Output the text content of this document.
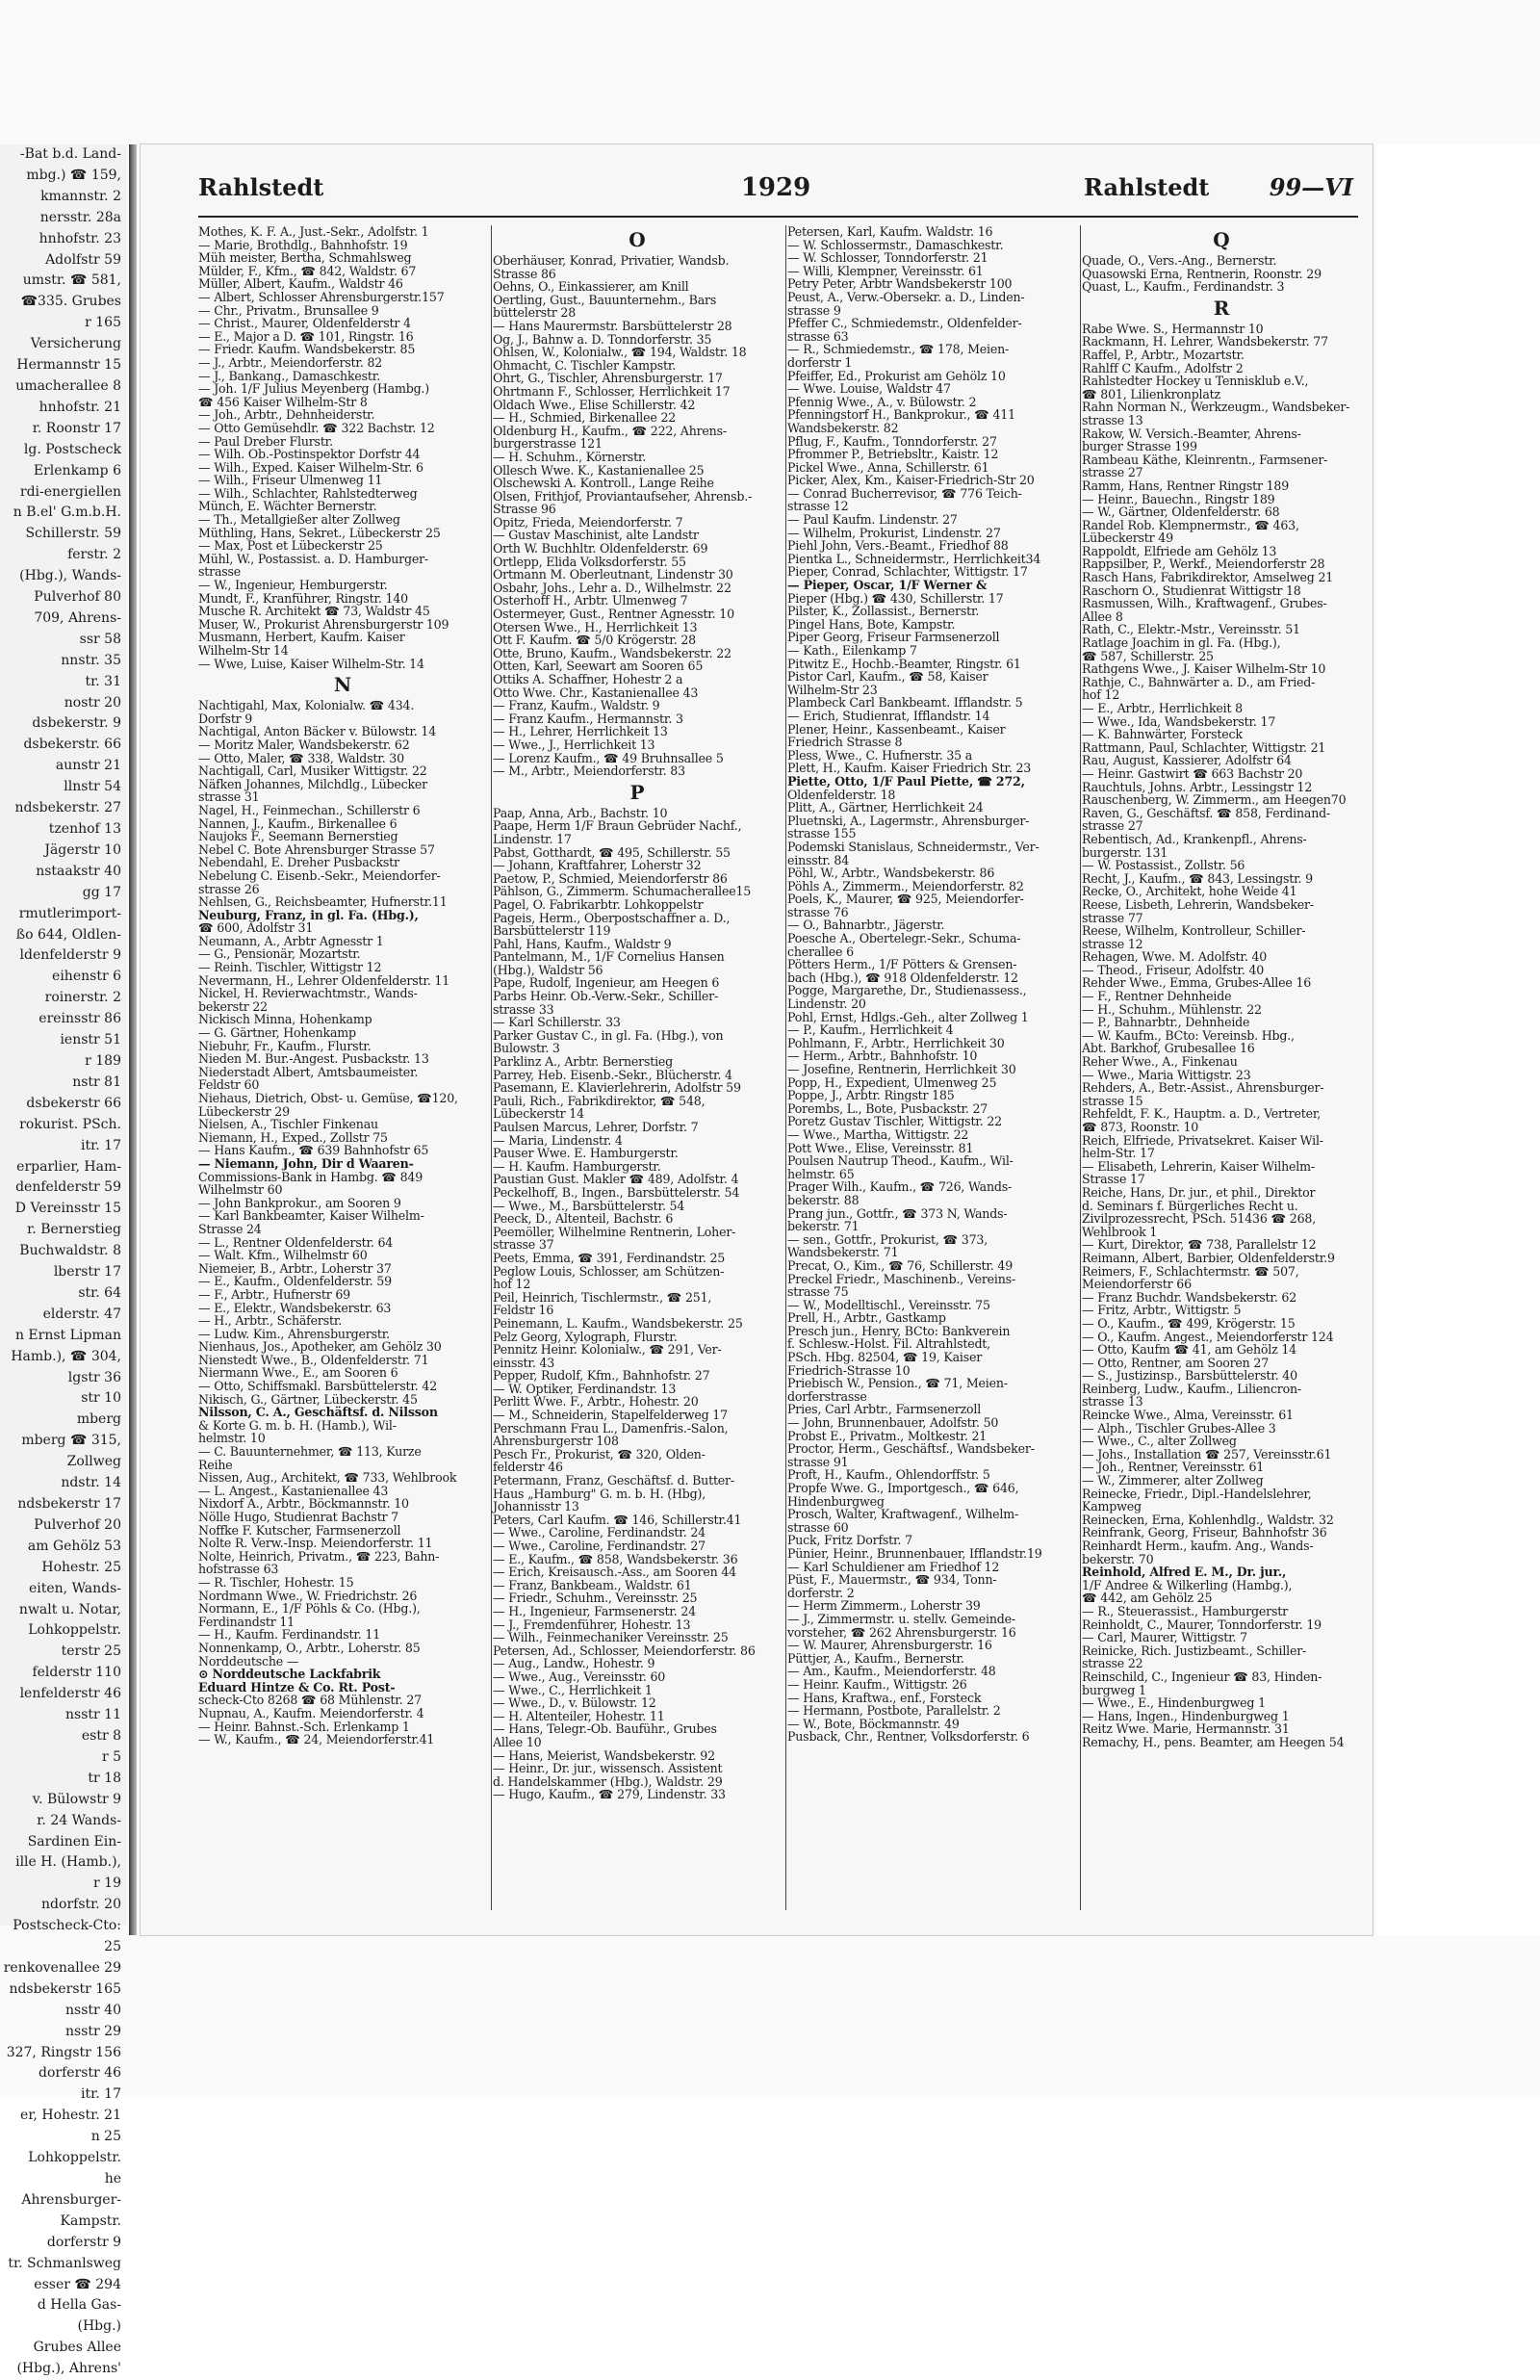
-Bat b.d. Land-
mbg.) ☎ 159,
kmannstr. 2
nersstr. 28a
hnhofstr. 23
Adolfstr 59
umstr. ☎ 581,
☎335. Grubes
r 165
Versicherung
Hermannstr 15
umacherallee 8
hnhofstr. 21
r. Roonstr 17
lg. Postscheck
Erlenkamp 6
rdi-energiellen
n B.el' G.m.b.H.
Schillerstr. 59
ferstr. 2
(Hbg.), Wands-
Pulverhof 80
709, Ahrens-
ssr 58
nnstr. 35
tr. 31
nostr 20
dsbekerstr. 9
dsbekerstr. 66
aunstr 21
llnstr 54
ndsbekerstr. 27
tzenhof 13
Jägerstr 10
nstaakstr 40
gg 17
rmutlerimport-
ßo 644, Oldlen-
ldenfelderstr 9
eihenstr 6
roinerstr. 2
ereinsstr 86
ienstr 51
r 189
nstr 81
dsbekerstr 66
rokurist. PSch.
itr. 17
erparlier, Ham-
denfelderstr 59
D Vereinsstr 15
r. Bernerstieg
Buchwaldstr. 8
lberstr 17
str. 64
elderstr. 47
n Ernst Lipman
Hamb.), ☎ 304,
lgstr 36
str 10
mberg
mberg ☎ 315,
Zollweg
ndstr. 14
ndsbekerstr 17
Pulverhof 20
am Gehölz 53
Hohestr. 25
eiten, Wands-
nwalt u. Notar,
Lohkoppelstr.
terstr 25
felderstr 110
lenfelderstr 46
nsstr 11
estr 8
r 5
tr 18
v. Bülowstr 9
r. 24 Wands-
Sardinen Ein-
ille H. (Hamb.),
r 19
ndorfstr. 20
Postscheck-Cto:
25
renkovenallee 29
ndsbekerstr 165
nsstr 40
nsstr 29
327, Ringstr 156
dorferstr 46
itr. 17
er, Hohestr. 21
n 25
Lohkoppelstr.
he
Ahrensburger-
Kampstr.
dorferstr 9
tr. Schmanlsweg
esser ☎ 294
d Hella Gas-
(Hbg.)
Grubes Allee
(Hbg.), Ahrens'
Rahlstedt	1929	Rahlstedt	99—VI
Mothes, K. F. A., Just.-Sekr., Adolfstr. 1
— Marie, Brothdlg., Bahnhofstr. 19
Müh meister, Bertha, Schmahlsweg
Mülder, F., Kfm., ☎ 842, Waldstr. 67
Müller, Albert, Kaufm., Waldstr 46
— Albert, Schlosser Ahrensburgerstr.157
— Chr., Privatm., Brunsallee 9
— Christ., Maurer, Oldenfelderstr 4
— E., Major a D. ☎ 101, Ringstr. 16
— Friedr. Kaufm. Wandsbekerstr. 85
— J., Arbtr., Meiendorferstr. 82
— J., Bankang., Damaschkestr.
— Joh. 1/F Julius Meyenberg (Hambg.)
☎ 456 Kaiser Wilhelm-Str 8
— Joh., Arbtr., Dehnheiderstr.
— Otto Gemüsehdlr. ☎ 322 Bachstr. 12
— Paul Dreber Flurstr.
— Wilh. Ob.-Postinspektor Dorfstr 44
— Wilh., Exped. Kaiser Wilhelm-Str. 6
— Wilh., Friseur Ulmenweg 11
— Wilh., Schlachter, Rahlstedterweg
Münch, E. Wächter Bernerstr.
— Th., Metallgießer alter Zollweg
Müthling, Hans, Sekret., Lübeckerstr 25
— Max, Post et Lübeckerstr 25
Mühl, W., Postassist. a. D. Hamburger-
strasse
— W., Ingenieur, Hemburgerstr.
Mundt, F., Kranführer, Ringstr. 140
Musche R. Architekt ☎ 73, Waldstr 45
Muser, W., Prokurist Ahrensburgerstr 109
Musmann, Herbert, Kaufm. Kaiser
Wilhelm-Str 14
— Wwe, Luise, Kaiser Wilhelm-Str. 14
N
Nachtigahl, Max, Kolonialw. ☎ 434.
Dorfstr 9
Nachtigal, Anton Bäcker v. Bülowstr. 14
— Moritz Maler, Wandsbekerstr. 62
— Otto, Maler, ☎ 338, Waldstr. 30
Nachtigall, Carl, Musiker Wittigstr. 22
Näfken Johannes, Milchdlg., Lübecker
strasse 31
Nagel, H., Feinmechan., Schillerstr 6
Nannen, J., Kaufm., Birkenallee 6
Naujoks F., Seemann Bernerstieg
Nebel C. Bote Ahrensburger Strasse 57
Nebendahl, E. Dreher Pusbackstr
Nebelung C. Eisenb.-Sekr., Meiendorfer-
strasse 26
Nehlsen, G., Reichsbeamter, Hufnerstr.11
Neuburg, Franz, in gl. Fa. (Hbg.),
☎ 600, Adolfstr 31
Neumann, A., Arbtr Agnesstr 1
— G., Pensionär, Mozartstr.
— Reinh. Tischler, Wittigstr 12
Nevermann, H., Lehrer Oldenfelderstr. 11
Nickel, H. Revierwachtmstr., Wands-
bekerstr 22
Nickisch Minna, Hohenkamp
— G. Gärtner, Hohenkamp
Niebuhr, Fr., Kaufm., Flurstr.
Nieden M. Bur.-Angest. Pusbackstr. 13
Niederstadt Albert, Amtsbaumeister.
Feldstr 60
Niehaus, Dietrich, Obst- u. Gemüse, ☎120,
Lübeckerstr 29
Nielsen, A., Tischler Finkenau
Niemann, H., Exped., Zollstr 75
— Hans Kaufm., ☎ 639 Bahnhofstr 65
— Niemann, John, Dir d Waaren-
Commissions-Bank in Hambg. ☎ 849
Wilhelmstr 60
— John Bankprokur., am Sooren 9
— Karl Bankbeamter, Kaiser Wilhelm-
Strasse 24
— L., Rentner Oldenfelderstr. 64
— Walt. Kfm., Wilhelmstr 60
Niemeier, B., Arbtr., Loherstr 37
— E., Kaufm., Oldenfelderstr. 59
— F., Arbtr., Hufnerstr 69
— E., Elektr., Wandsbekerstr. 63
— H., Arbtr., Schäferstr.
— Ludw. Kim., Ahrensburgerstr.
Nienhaus, Jos., Apotheker, am Gehölz 30
Nienstedt Wwe., B., Oldenfelderstr. 71
Niermann Wwe., E., am Sooren 6
— Otto, Schiffsmakl. Barsbüttelerstr. 42
Nikisch, G., Gärtner, Lübeckerstr. 45
Nilsson, C. A., Geschäftsf. d. Nilsson
& Korte G. m. b. H. (Hamb.), Wil-
helmstr. 10
— C. Bauunternehmer, ☎ 113, Kurze
Reihe
Nissen, Aug., Architekt, ☎ 733, Wehlbrook
— L. Angest., Kastanienallee 43
Nixdorf A., Arbtr., Böckmannstr. 10
Nölle Hugo, Studienrat Bachstr 7
Noffke F. Kutscher, Farmsenerzoll
Nolte R. Verw.-Insp. Meiendorferstr. 11
Nolte, Heinrich, Privatm., ☎ 223, Bahn-
hofstrasse 63
— R. Tischler, Hohestr. 15
Nordmann Wwe., W. Friedrichstr. 26
Normann, E., 1/F Pöhls & Co. (Hbg.),
Ferdinandstr 11
— H., Kaufm. Ferdinandstr. 11
Nonnenkamp, O., Arbtr., Loherstr. 85
Norddeutsche —
⊙ Norddeutsche Lackfabrik
Eduard Hintze & Co. Rt. Post-
scheck-Cto 8268 ☎ 68 Mühlenstr. 27
Nupnau, A., Kaufm. Meiendorferstr. 4
— Heinr. Bahnst.-Sch. Erlenkamp 1
— W., Kaufm., ☎ 24, Meiendorferstr.41
O
Oberhäuser, Konrad, Privatier, Wandsb.
Strasse 86
Oehns, O., Einkassierer, am Knill
Oertling, Gust., Bauunternehm., Bars
büttelerstr 28
— Hans Maurermstr. Barsbüttelerstr 28
Og, J., Bahnw a. D. Tonndorferstr. 35
Ohlsen, W., Kolonialw., ☎ 194, Waldstr. 18
Ohmacht, C. Tischler Kampstr.
Ohrt, G., Tischler, Ahrensburgerstr. 17
Ohrtmann F., Schlosser, Herrlichkeit 17
Oldach Wwe., Elise Schillerstr. 42
— H., Schmied, Birkenallee 22
Oldenburg H., Kaufm., ☎ 222, Ahrens-
burgerstrasse 121
— H. Schuhm., Körnerstr.
Ollesch Wwe. K., Kastanienallee 25
Olschewski A. Kontroll., Lange Reihe
Olsen, Frithjof, Proviantaufseher, Ahrensb.-
Strasse 96
Opitz, Frieda, Meiendorferstr. 7
— Gustav Maschinist, alte Landstr
Orth W. Buchhltr. Oldenfelderstr. 69
Ortlepp, Elida Volksdorferstr. 55
Ortmann M. Oberleutnant, Lindenstr 30
Osbahr, Johs., Lehr a. D., Wilhelmstr. 22
Osterhoff H., Arbtr. Ulmenweg 7
Ostermeyer, Gust., Rentner Agnesstr. 10
Otersen Wwe., H., Herrlichkeit 13
Ott F. Kaufm. ☎ 5/0 Krögerstr. 28
Otte, Bruno, Kaufm., Wandsbekerstr. 22
Otten, Karl, Seewart am Sooren 65
Ottiks A. Schaffner, Hohestr 2 a
Otto Wwe. Chr., Kastanienallee 43
— Franz, Kaufm., Waldstr. 9
— Franz Kaufm., Hermannstr. 3
— H., Lehrer, Herrlichkeit 13
— Wwe., J., Herrlichkeit 13
— Lorenz Kaufm., ☎ 49 Bruhnsallee 5
— M., Arbtr., Meiendorferstr. 83
P
Paap, Anna, Arb., Bachstr. 10
Paape, Herm 1/F Braun Gebrüder Nachf.,
Lindenstr. 17
Pabst, Gotthardt, ☎ 495, Schillerstr. 55
— Johann, Kraftfahrer, Loherstr 32
Paetow, P., Schmied, Meiendorferstr 86
Pählson, G., Zimmerm. Schumacherallee15
Pagel, O. Fabrikarbtr. Lohkoppelstr
Pageis, Herm., Oberpostschaffner a. D.,
Barsbüttelerstr 119
Pahl, Hans, Kaufm., Waldstr 9
Pantelmann, M., 1/F Cornelius Hansen
(Hbg.), Waldstr 56
Pape, Rudolf, Ingenieur, am Heegen 6
Parbs Heinr. Ob.-Verw.-Sekr., Schiller-
strasse 33
— Karl Schillerstr. 33
Parker Gustav C., in gl. Fa. (Hbg.), von
Bulowstr. 3
Parklinz A., Arbtr. Bernerstieg
Parrey, Heb. Eisenb.-Sekr., Blücherstr. 4
Pasemann, E. Klavierlehrerin, Adolfstr 59
Pauli, Rich., Fabrikdirektor, ☎ 548,
Lübeckerstr 14
Paulsen Marcus, Lehrer, Dorfstr. 7
— Maria, Lindenstr. 4
Pauser Wwe. E. Hamburgerstr.
— H. Kaufm. Hamburgerstr.
Paustian Gust. Makler ☎ 489, Adolfstr. 4
Peckelhoff, B., Ingen., Barsbüttelerstr. 54
— Wwe., M., Barsbüttelerstr. 54
Peeck, D., Altenteil, Bachstr. 6
Peemöller, Wilhelmine Rentnerin, Loher-
strasse 37
Peets, Emma, ☎ 391, Ferdinandstr. 25
Peglow Louis, Schlosser, am Schützen-
hof 12
Peil, Heinrich, Tischlermstr., ☎ 251,
Feldstr 16
Peinemann, L. Kaufm., Wandsbekerstr. 25
Pelz Georg, Xylograph, Flurstr.
Pennitz Heinr. Kolonialw., ☎ 291, Ver-
einsstr. 43
Pepper, Rudolf, Kfm., Bahnhofstr. 27
— W. Optiker, Ferdinandstr. 13
Perlitt Wwe. F., Arbtr., Hohestr. 20
— M., Schneiderin, Stapelfelderweg 17
Perschmann Frau L., Damenfris.-Salon,
Ahrensburgerstr 108
Pesch Fr., Prokurist, ☎ 320, Olden-
felderstr 46
Petermann, Franz, Geschäftsf. d. Butter-
Haus „Hamburg" G. m. b. H. (Hbg),
Johannisstr 13
Peters, Carl Kaufm. ☎ 146, Schillerstr.41
— Wwe., Caroline, Ferdinandstr. 24
— Wwe., Caroline, Ferdinandstr. 27
— E., Kaufm., ☎ 858, Wandsbekerstr. 36
— Erich, Kreisausch.-Ass., am Sooren 44
— Franz, Bankbeam., Waldstr. 61
— Friedr., Schuhm., Vereinsstr. 25
— H., Ingenieur, Farmsenerstr. 24
— J., Fremdenführer, Hohestr. 13
— Wilh., Feinmechaniker Vereinsstr. 25
Petersen, Ad., Schlosser, Meiendorferstr. 86
— Aug., Landw., Hohestr. 9
— Wwe., Aug., Vereinsstr. 60
— Wwe., C., Herrlichkeit 1
— Wwe., D., v. Bülowstr. 12
— H. Altenteiler, Hohestr. 11
— Hans, Telegr.-Ob. Bauführ., Grubes
Allee 10
— Hans, Meierist, Wandsbekerstr. 92
— Heinr., Dr. jur., wissensch. Assistent
d. Handelskammer (Hbg.), Waldstr. 29
— Hugo, Kaufm., ☎ 279, Lindenstr. 33
Petersen, Karl, Kaufm. Waldstr. 16
— W. Schlossermstr., Damaschkestr.
— W. Schlosser, Tonndorferstr. 21
— Willi, Klempner, Vereinsstr. 61
Petry Peter, Arbtr Wandsbekerstr 100
Peust, A., Verw.-Obersekr. a. D., Linden-
strasse 9
Pfeffer C., Schmiedemstr., Oldenfelder-
strasse 63
— R., Schmiedemstr., ☎ 178, Meien-
dorferstr 1
Pfeiffer, Ed., Prokurist am Gehölz 10
— Wwe. Louise, Waldstr 47
Pfennig Wwe., A., v. Bülowstr. 2
Pfenningstorf H., Bankprokur., ☎ 411
Wandsbekerstr. 82
Pflug, F., Kaufm., Tonndorferstr. 27
Pfrommer P., Betriebsltr., Kaistr. 12
Pickel Wwe., Anna, Schillerstr. 61
Picker, Alex, Km., Kaiser-Friedrich-Str 20
— Conrad Bucherrevisor, ☎ 776 Teich-
strasse 12
— Paul Kaufm. Lindenstr. 27
— Wilhelm, Prokurist, Lindenstr. 27
Piehl John, Vers.-Beamt., Friedhof 88
Pientka L., Schneidermstr., Herrlichkeit34
Pieper, Conrad, Schlachter, Wittigstr. 17
— Pieper, Oscar, 1/F Werner &
Pieper (Hbg.) ☎ 430, Schillerstr. 17
Pilster, K., Zollassist., Bernerstr.
Pingel Hans, Bote, Kampstr.
Piper Georg, Friseur Farmsenerzoll
— Kath., Eilenkamp 7
Pitwitz E., Hochb.-Beamter, Ringstr. 61
Pistor Carl, Kaufm., ☎ 58, Kaiser
Wilhelm-Str 23
Plambeck Carl Bankbeamt. Ifflandstr. 5
— Erich, Studienrat, Ifflandstr. 14
Plener, Heinr., Kassenbeamt., Kaiser
Friedrich Strasse 8
Pless, Wwe., C. Hufnerstr. 35 a
Plett, H., Kaufm. Kaiser Friedrich Str. 23
Piette, Otto, 1/F Paul Piette, ☎ 272,
Oldenfelderstr. 18
Plitt, A., Gärtner, Herrlichkeit 24
Pluetnski, A., Lagermstr., Ahrensburger-
strasse 155
Podemski Stanislaus, Schneidermstr., Ver-
einsstr. 84
Pöhl, W., Arbtr., Wandsbekerstr. 86
Pöhls A., Zimmerm., Meiendorferstr. 82
Poels, K., Maurer, ☎ 925, Meiendorfer-
strasse 76
— O., Bahnarbtr., Jägerstr.
Poesche A., Obertelegr.-Sekr., Schuma-
cherallee 6
Pötters Herm., 1/F Pötters & Grensen-
bach (Hbg.), ☎ 918 Oldenfelderstr. 12
Pogge, Margarethe, Dr., Studienassess.,
Lindenstr. 20
Pohl, Ernst, Hdlgs.-Geh., alter Zollweg 1
— P., Kaufm., Herrlichkeit 4
Pohlmann, F., Arbtr., Herrlichkeit 30
— Herm., Arbtr., Bahnhofstr. 10
— Josefine, Rentnerin, Herrlichkeit 30
Popp, H., Expedient, Ulmenweg 25
Poppe, J., Arbtr. Ringstr 185
Porembs, L., Bote, Pusbackstr. 27
Poretz Gustav Tischler, Wittigstr. 22
— Wwe., Martha, Wittigstr. 22
Pott Wwe., Elise, Vereinsstr. 81
Poulsen Nautrup Theod., Kaufm., Wil-
helmstr. 65
Prager Wilh., Kaufm., ☎ 726, Wands-
bekerstr. 88
Prang jun., Gottfr., ☎ 373 N, Wands-
bekerstr. 71
— sen., Gottfr., Prokurist, ☎ 373,
Wandsbekerstr. 71
Precat, O., Kim., ☎ 76, Schillerstr. 49
Preckel Friedr., Maschinenb., Vereins-
strasse 75
— W., Modelltischl., Vereinsstr. 75
Prell, H., Arbtr., Gastkamp
Presch jun., Henry, BCto: Bankverein
f. Schlesw.-Holst. Fil. Altrahlstedt,
PSch. Hbg. 82504, ☎ 19, Kaiser
Friedrich-Strasse 10
Priebisch W., Pension., ☎ 71, Meien-
dorferstrasse
Pries, Carl Arbtr., Farmsenerzoll
— John, Brunnenbauer, Adolfstr. 50
Probst E., Privatm., Moltkestr. 21
Proctor, Herm., Geschäftsf., Wandsbeker-
strasse 91
Proft, H., Kaufm., Ohlendorffstr. 5
Propfe Wwe. G., Importgesch., ☎ 646,
Hindenburgweg
Prosch, Walter, Kraftwagenf., Wilhelm-
strasse 60
Puck, Fritz Dorfstr. 7
Pünier, Heinr., Brunnenbauer, Ifflandstr.19
— Karl Schuldiener am Friedhof 12
Püst, F., Mauermstr., ☎ 934, Tonn-
dorferstr. 2
— Herm Zimmerm., Loherstr 39
— J., Zimmermstr. u. stellv. Gemeinde-
vorsteher, ☎ 262 Ahrensburgerstr. 16
— W. Maurer, Ahrensburgerstr. 16
Püttjer, A., Kaufm., Bernerstr.
— Am., Kaufm., Meiendorferstr. 48
— Heinr. Kaufm., Wittigstr. 26
— Hans, Kraftwa., enf., Forsteck
— Hermann, Postbote, Parallelstr. 2
— W., Bote, Böckmannstr. 49
Pusback, Chr., Rentner, Volksdorferstr. 6
Q
Quade, O., Vers.-Ang., Bernerstr.
Quasowski Erna, Rentnerin, Roonstr. 29
Quast, L., Kaufm., Ferdinandstr. 3
R
Rabe Wwe. S., Hermannstr 10
Rackmann, H. Lehrer, Wandsbekerstr. 77
Raffel, P., Arbtr., Mozartstr.
Rahlff C Kaufm., Adolfstr 2
Rahlstedter Hockey u Tennisklub e.V.,
☎ 801, Lilienkronplatz
Rahn Norman N., Werkzeugm., Wandsbeker-
strasse 13
Rakow, W. Versich.-Beamter, Ahrens-
burger Strasse 199
Rambeau Käthe, Kleinrentn., Farmsener-
strasse 27
Ramm, Hans, Rentner Ringstr 189
— Heinr., Bauechn., Ringstr 189
— W., Gärtner, Oldenfelderstr. 68
Randel Rob. Klempnermstr., ☎ 463,
Lübeckerstr 49
Rappoldt, Elfriede am Gehölz 13
Rappsilber, P., Werkf., Meiendorferstr 28
Rasch Hans, Fabrikdirektor, Amselweg 21
Raschorn O., Studienrat Wittigstr 18
Rasmussen, Wilh., Kraftwagenf., Grubes-
Allee 8
Rath, C., Elektr.-Mstr., Vereinsstr. 51
Ratlage Joachim in gl. Fa. (Hbg.),
☎ 587, Schillerstr. 25
Rathgens Wwe., J. Kaiser Wilhelm-Str 10
Rathje, C., Bahnwärter a. D., am Fried-
hof 12
— E., Arbtr., Herrlichkeit 8
— Wwe., Ida, Wandsbekerstr. 17
— K. Bahnwärter, Forsteck
Rattmann, Paul, Schlachter, Wittigstr. 21
Rau, August, Kassierer, Adolfstr 64
— Heinr. Gastwirt ☎ 663 Bachstr 20
Rauchtuls, Johns. Arbtr., Lessingstr 12
Rauschenberg, W. Zimmerm., am Heegen70
Raven, G., Geschäftsf. ☎ 858, Ferdinand-
strasse 27
Rebentisch, Ad., Krankenpfl., Ahrens-
burgerstr. 131
— W. Postassist., Zollstr. 56
Recht, J., Kaufm., ☎ 843, Lessingstr. 9
Recke, O., Architekt, hohe Weide 41
Reese, Lisbeth, Lehrerin, Wandsbeker-
strasse 77
Reese, Wilhelm, Kontrolleur, Schiller-
strasse 12
Rehagen, Wwe. M. Adolfstr. 40
— Theod., Friseur, Adolfstr. 40
Rehder Wwe., Emma, Grubes-Allee 16
— F., Rentner Dehnheide
— H., Schuhm., Mühlenstr. 22
— P., Bahnarbtr., Dehnheide
— W. Kaufm., BCto: Vereinsb. Hbg.,
Abt. Barkhof, Grubesallee 16
Reher Wwe., A., Finkenau
— Wwe., Maria Wittigstr. 23
Rehders, A., Betr.-Assist., Ahrensburger-
strasse 15
Rehfeldt, F. K., Hauptm. a. D., Vertreter,
☎ 873, Roonstr. 10
Reich, Elfriede, Privatsekret. Kaiser Wil-
helm-Str. 17
— Elisabeth, Lehrerin, Kaiser Wilhelm-
Strasse 17
Reiche, Hans, Dr. jur., et phil., Direktor
d. Seminars f. Bürgerliches Recht u.
Zivilprozessrecht, PSch. 51436 ☎ 268,
Wehlbrook 1
— Kurt, Direktor, ☎ 738, Parallelstr 12
Reimann, Albert, Barbier, Oldenfelderstr.9
Reimers, F., Schlachtermstr. ☎ 507,
Meiendorferstr 66
— Franz Buchdr. Wandsbekerstr. 62
— Fritz, Arbtr., Wittigstr. 5
— O., Kaufm., ☎ 499, Krögerstr. 15
— O., Kaufm. Angest., Meiendorferstr 124
— Otto, Kaufm ☎ 41, am Gehölz 14
— Otto, Rentner, am Sooren 27
— S., Justizinsp., Barsbüttelerstr. 40
Reinberg, Ludw., Kaufm., Liliencron-
strasse 13
Reincke Wwe., Alma, Vereinsstr. 61
— Alph., Tischler Grubes-Allee 3
— Wwe., C., alter Zollweg
— Johs., Installation ☎ 257, Vereinsstr.61
— Joh., Rentner, Vereinsstr. 61
— W., Zimmerer, alter Zollweg
Reinecke, Friedr., Dipl.-Handelslehrer,
Kampweg
Reinecken, Erna, Kohlenhdlg., Waldstr. 32
Reinfrank, Georg, Friseur, Bahnhofstr 36
Reinhardt Herm., kaufm. Ang., Wands-
bekerstr. 70
Reinhold, Alfred E. M., Dr. jur.,
1/F Andree & Wilkerling (Hambg.),
☎ 442, am Gehölz 25
— R., Steuerassist., Hamburgerstr
Reinholdt, C., Maurer, Tonndorferstr. 19
— Carl, Maurer, Wittigstr. 7
Reinicke, Rich. Justizbeamt., Schiller-
strasse 22
Reinschild, C., Ingenieur ☎ 83, Hinden-
burgweg 1
— Wwe., E., Hindenburgweg 1
— Hans, Ingen., Hindenburgweg 1
Reitz Wwe. Marie, Hermannstr. 31
Remachy, H., pens. Beamter, am Heegen 54
